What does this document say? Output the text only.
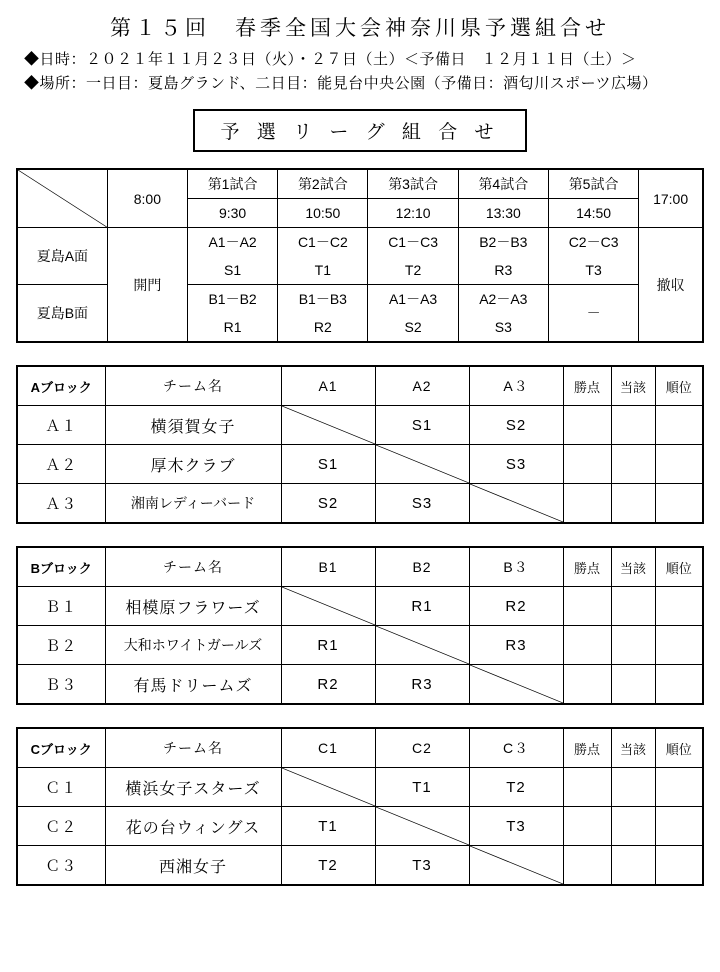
第１５回　春季全国大会神奈川県予選組合せ
◆日時：２０２１年１１月２３日（火）・２７日（土）＜予備日　１２月１１日（土）＞
◆場所：一日目：夏島グランド、二日目：能見台中央公園（予備日：酒匂川スポーツ広場）
予 選 リ ー グ 組 合 せ
	8:00	第1試合	第2試合	第3試合	第4試合	第5試合	17:00
		9:30	10:50	12:10	13:30	14:50	
夏島A面	開門	A1－A2	C1－C2	C1－C3	B2－B3	C2－C3	撤収
		S1	T1	T2	R3	T3	
夏島B面		B1－B2	B1－B3	A1－A3	A2－A3	－	
		R1	R2	S2	S3		
Aブロック	チーム名	A1	A2	A３	勝点	当該	順位
Ａ１	横須賀女子		S1	S2			
Ａ２	厚木クラブ	S1		S3			
Ａ３	湘南レディーバード	S2	S3	

Bブロック	チーム名	B1	B2	B３	勝点	当該	順位
Ｂ１	相模原フラワーズ		R1	R2			
Ｂ２	大和ホワイトガールズ	R1		R3			
Ｂ３	有馬ドリームズ	R2	R3	

Cブロック	チーム名	C1	C2	C３	勝点	当該	順位
Ｃ１	横浜女子スターズ		T1	T2			
Ｃ２	花の台ウィングス	T1		T3			
Ｃ３	西湘女子	T2	T3	
